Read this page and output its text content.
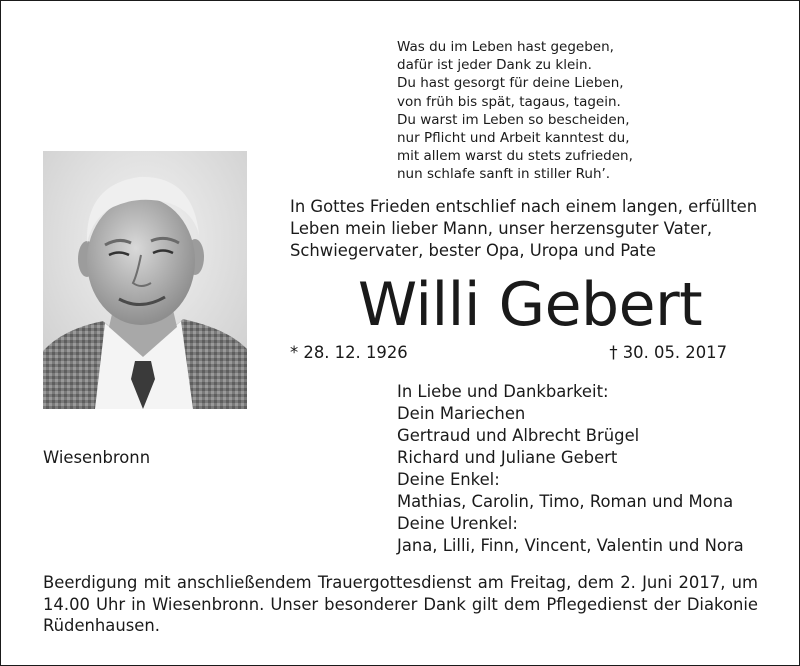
Was du im Leben hast gegeben,
dafür ist jeder Dank zu klein.
Du hast gesorgt für deine Lieben,
von früh bis spät, tagaus, tagein.
Du warst im Leben so bescheiden,
nur Pflicht und Arbeit kanntest du,
mit allem warst du stets zufrieden,
nun schlafe sanft in stiller Ruh’.
In Gottes Frieden entschlief nach einem langen, erfüllten
Leben mein lieber Mann, unser herzensguter Vater,
Schwiegervater, bester Opa, Uropa und Pate
Willi Gebert
* 28. 12. 1926	† 30. 05. 2017
Wiesenbronn
In Liebe und Dankbarkeit:
Dein Mariechen
Gertraud und Albrecht Brügel
Richard und Juliane Gebert
Deine Enkel:
Mathias, Carolin, Timo, Roman und Mona
Deine Urenkel:
Jana, Lilli, Finn, Vincent, Valentin und Nora
Beerdigung mit anschließendem Trauergottesdienst am Freitag, dem 2. Juni 2017, um
14.00 Uhr in Wiesenbronn. Unser besonderer Dank gilt dem Pflegedienst der Diakonie
Rüdenhausen.
